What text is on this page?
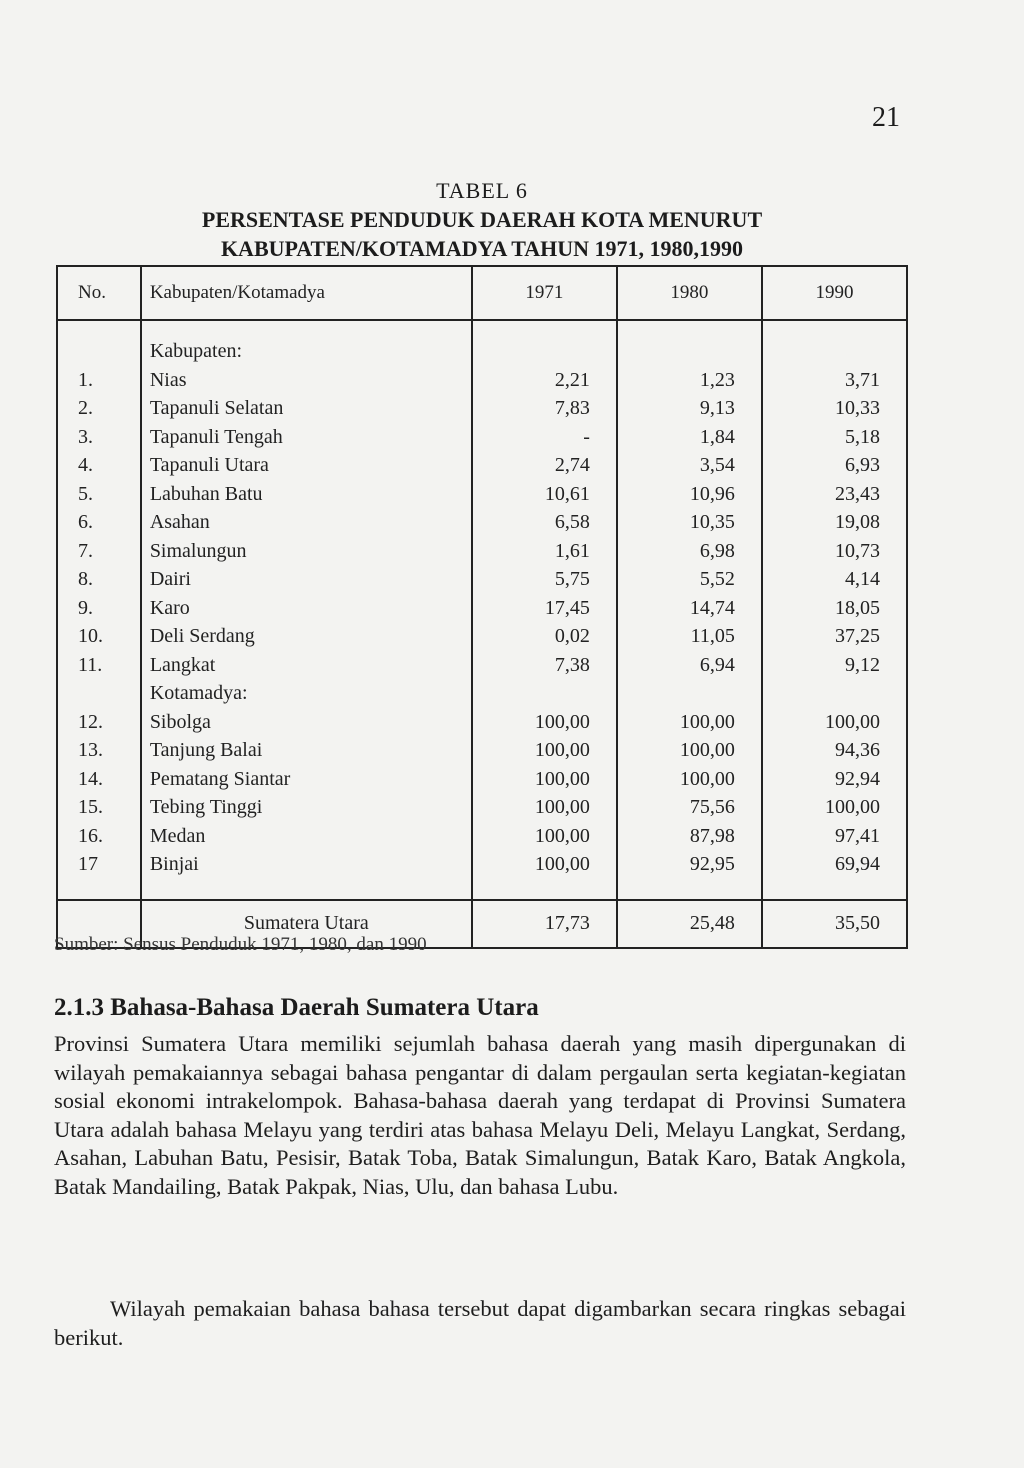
21
TABEL 6
PERSENTASE PENDUDUK DAERAH KOTA MENURUT
KABUPATEN/KOTAMADYA TAHUN 1971, 1980,1990
No.	Kabupaten/Kotamadya	1971	1980	1990

	Kabupaten:			
1.	Nias	2,21	1,23	3,71
2.	Tapanuli Selatan	7,83	9,13	10,33
3.	Tapanuli Tengah	-	1,84	5,18
4.	Tapanuli Utara	2,74	3,54	6,93
5.	Labuhan Batu	10,61	10,96	23,43
6.	Asahan	6,58	10,35	19,08
7.	Simalungun	1,61	6,98	10,73
8.	Dairi	5,75	5,52	4,14
9.	Karo	17,45	14,74	18,05
10.	Deli Serdang	0,02	11,05	37,25
11.	Langkat	7,38	6,94	9,12
	Kotamadya:			
12.	Sibolga	100,00	100,00	100,00
13.	Tanjung Balai	100,00	100,00	94,36
14.	Pematang Siantar	100,00	100,00	92,94
15.	Tebing Tinggi	100,00	75,56	100,00
16.	Medan	100,00	87,98	97,41
17	Binjai	100,00	92,95	69,94

	Sumatera Utara	17,73	25,48	35,50
Sumber: Sensus Penduduk 1971, 1980, dan 1990
2.1.3 Bahasa-Bahasa Daerah Sumatera Utara
Provinsi Sumatera Utara memiliki sejumlah bahasa daerah yang masih dipergunakan di wilayah pemakaiannya sebagai bahasa pengantar di dalam pergaulan serta kegiatan-kegiatan sosial ekonomi intrakelompok. Bahasa-bahasa daerah yang terdapat di Provinsi Sumatera Utara adalah bahasa Melayu yang terdiri atas bahasa Melayu Deli, Melayu Langkat, Serdang, Asahan, Labuhan Batu, Pesisir, Batak Toba, Batak Simalungun, Batak Karo, Batak Angkola, Batak Mandailing, Batak Pakpak, Nias, Ulu, dan bahasa Lubu.
Wilayah pemakaian bahasa bahasa tersebut dapat digambarkan secara ringkas sebagai berikut.
